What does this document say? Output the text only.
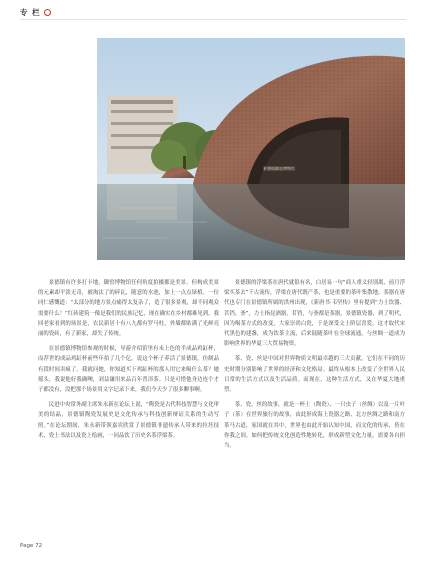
专 栏
景德镇御窑博物馆

景德镇有许多打卡地，御窑博物馆任何角度拍摄都是美景。但构成美景的元素却平淡无奇，被淘汰了的碎瓦，随意的水池，加上一点点绿植。一位同仁感慨道：“太部分的地方景点痛得太复杂了，造了很多景观，却不同观众需要什么！”红砖建筑一像是我们的民族记忆，现在确实在乡村都难见到。我回老家看到的场景是，农民新居十有八九都有罗马柱，外墙都贴满了光鲜亮丽的瓷砖，有了新家，却失了传统。

在景德镇博物馆参观的时候，导游介绍馆里有未上色的半成品鸡缸杯，而荐世的成品鸡缸杯前些年拍了几个亿。说这个杯子养活了景德镇，仿制品有段时间卖疯了。我就问她，你知道买下鸡缸杯的那人用它来喝什么茶？她摇头。我说他好我确噢，刘益谦用来品百年普洱茶。只是可惜他身边连个才子都没有，没把那个场景用文字记录下来，我们今天少了很多聊事啊。

民进中央常务副主席朱永新在论坛上说，“陶瓷是古代科技智慧与文化审美的结晶，景德镇陶瓷发展史是文化传承与科技创新辩证关系的生动写照。”在论坛期间，朱永新带领嘉宾欣赏了景德镇非遗传承人带来的拉坯技术，瓷上书法以及瓷上绘画，一同品饮了历史名茶浮梁茶。

景德镇的浮梁茶在唐代就很有名，白居易一句“商人重义轻别离，前月浮梁买茶去”千古流传，浮梁在唐代既产茶，也是重要的茶叶集散地。茶器在唐代也专门在景德镇所属的洪州出现，《新唐书·韦坚传》里有提到“力士饮器、茗铛、釜”，力士指昆酒器，茗铛，与釜都是茶器，景德镇瓷器，到了明代，因为喝茶方式的改变，大家崇尚白瓷，于是深受文士阶层喜爱，这才取代宋代黑色的建盏，成为饮茶主流，后来陆随茶叶在全球流通，与丝绸一道成为影响世界的华夏三大贸易物资。

茶、瓷、丝是中国对世界物质文明最卓越的三大贡献。它们在不同的历史时期分别影响了世界的经济和文化格局。最终从根本上改变了全世界人民日常的生活方式以及生活品质。而现在，这种生活方式，又在华夏大地重塑。

茶、瓷、丝的故事，就是一杯土（陶瓷）、一只虫子（丝绸）以及一片叶子（茶）在世界旅行的故事，由此形成海上瓷器之路、北方丝绸之路和南方茶马古道，家国就在其中，世界也由此开始认知中国，而文化的传承，皆在你我之间。如何把传统文化创造性地转化，形成新型文化力量，需要各自担当。

Page 72
